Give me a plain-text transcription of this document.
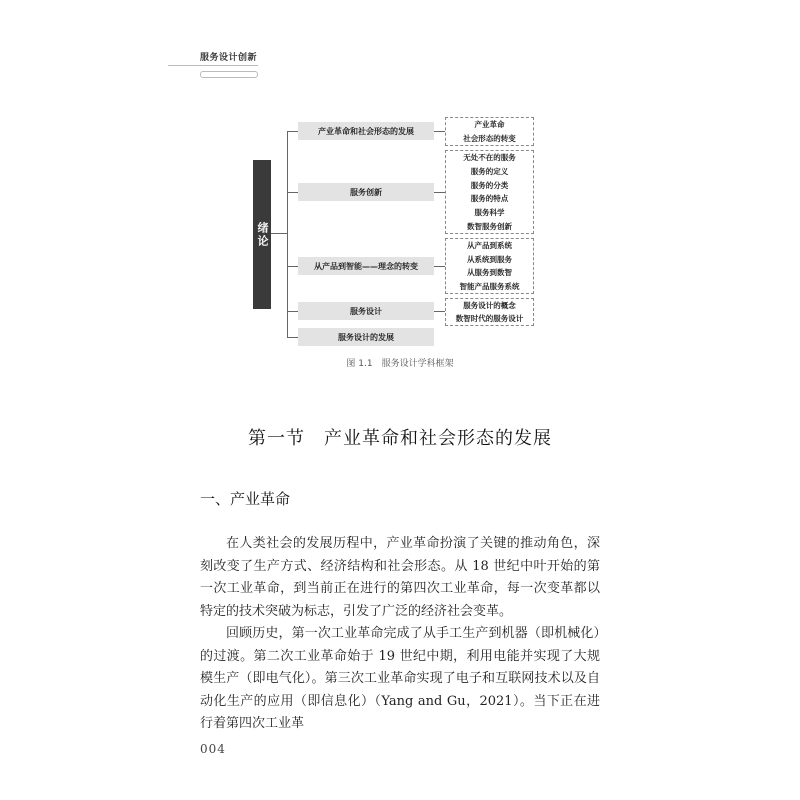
服务设计创新
绪论
产业革命和社会形态的发展
服务创新
从产品到智能——理念的转变
服务设计
服务设计的发展
产业革命
社会形态的转变
无处不在的服务
服务的定义
服务的分类
服务的特点
服务科学
数智服务创新
从产品到系统
从系统到服务
从服务到数智
智能产品服务系统
服务设计的概念
数智时代的服务设计
图 1.1　服务设计学科框架
第一节　产业革命和社会形态的发展
一、产业革命
在人类社会的发展历程中，产业革命扮演了关键的推动角色，深刻改变了生产方式、经济结构和社会形态。从 18 世纪中叶开始的第一次工业革命，到当前正在进行的第四次工业革命，每一次变革都以特定的技术突破为标志，引发了广泛的经济社会变革。
回顾历史，第一次工业革命完成了从手工生产到机器（即机械化）的过渡。第二次工业革命始于 19 世纪中期，利用电能并实现了大规模生产（即电气化）。第三次工业革命实现了电子和互联网技术以及自动化生产的应用（即信息化）（Yang and Gu，2021）。当下正在进行着第四次工业革
004
